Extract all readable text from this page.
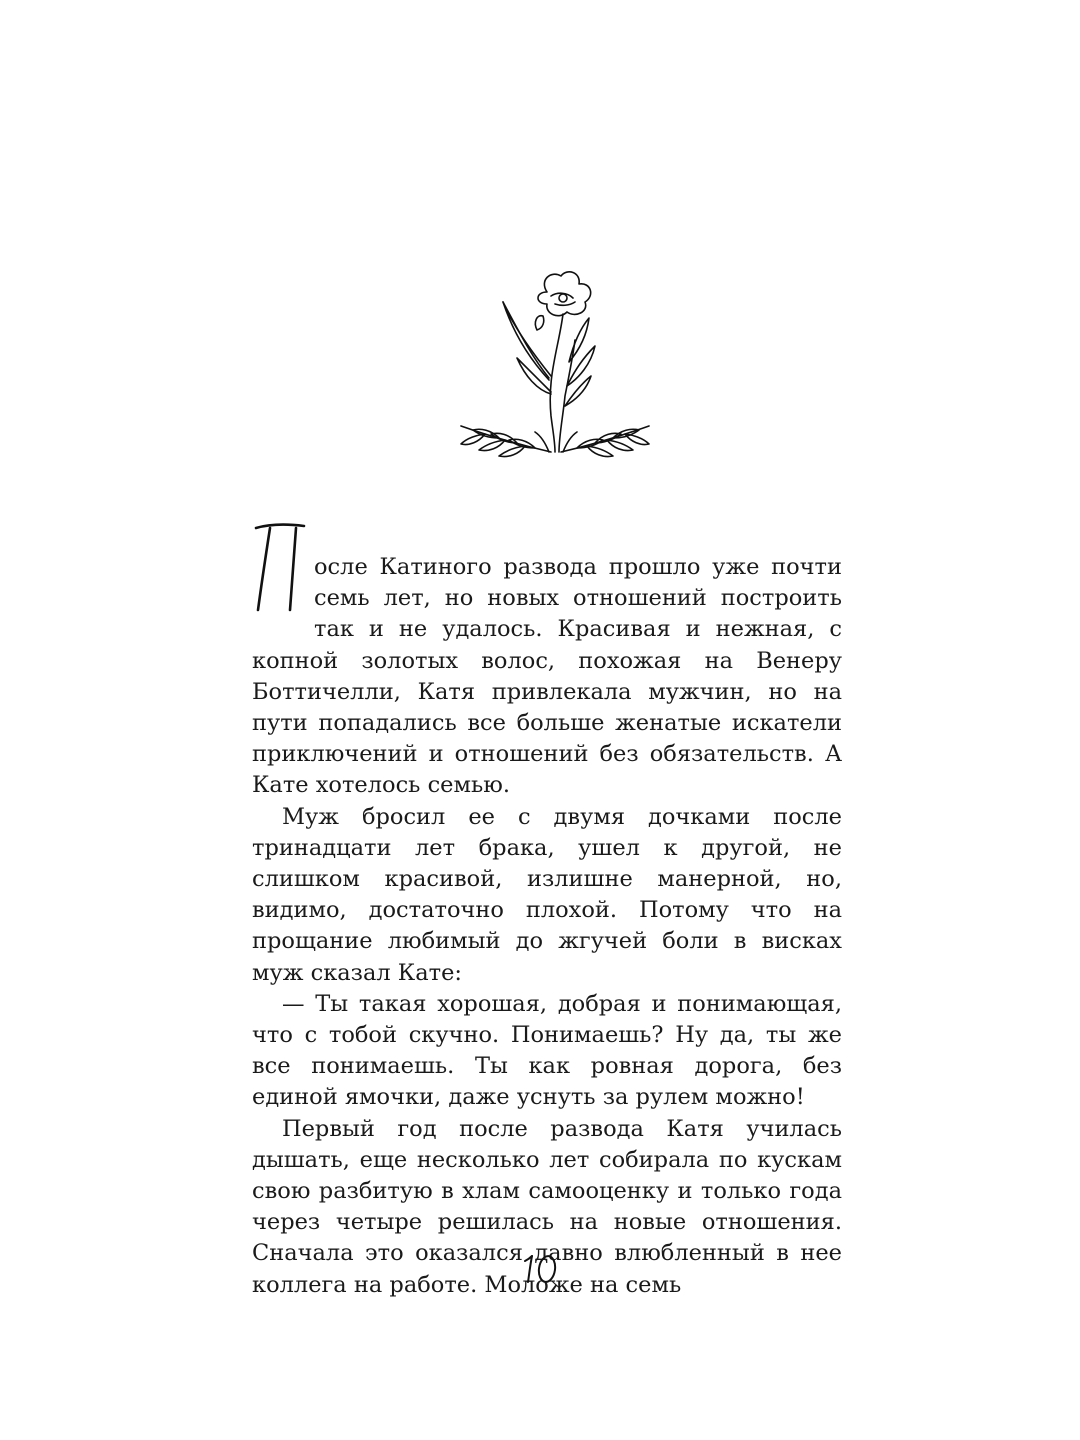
осле Катиного развода прошло уже почти семь лет, но новых отношений построить так и не удалось. Красивая и нежная, с копной золотых волос, похожая на Венеру Боттичелли, Катя привлекала мужчин, но на пути попадались все больше женатые искатели приключений и отношений без обязательств. А Кате хотелось семью.

Муж бросил ее с двумя дочками после тринадцати лет брака, ушел к другой, не слишком красивой, излишне манерной, но, видимо, достаточно плохой. Потому что на прощание любимый до жгучей боли в висках муж сказал Кате:

— Ты такая хорошая, добрая и понимающая, что с тобой скучно. Понимаешь? Ну да, ты же все понимаешь. Ты как ровная дорога, без единой ямочки, даже уснуть за рулем можно!

Первый год после развода Катя училась дышать, еще несколько лет собирала по кускам свою разбитую в хлам самооценку и только года через четыре решилась на новые отношения. Сначала это оказался давно влюбленный в нее коллега на работе. Моложе на семь
